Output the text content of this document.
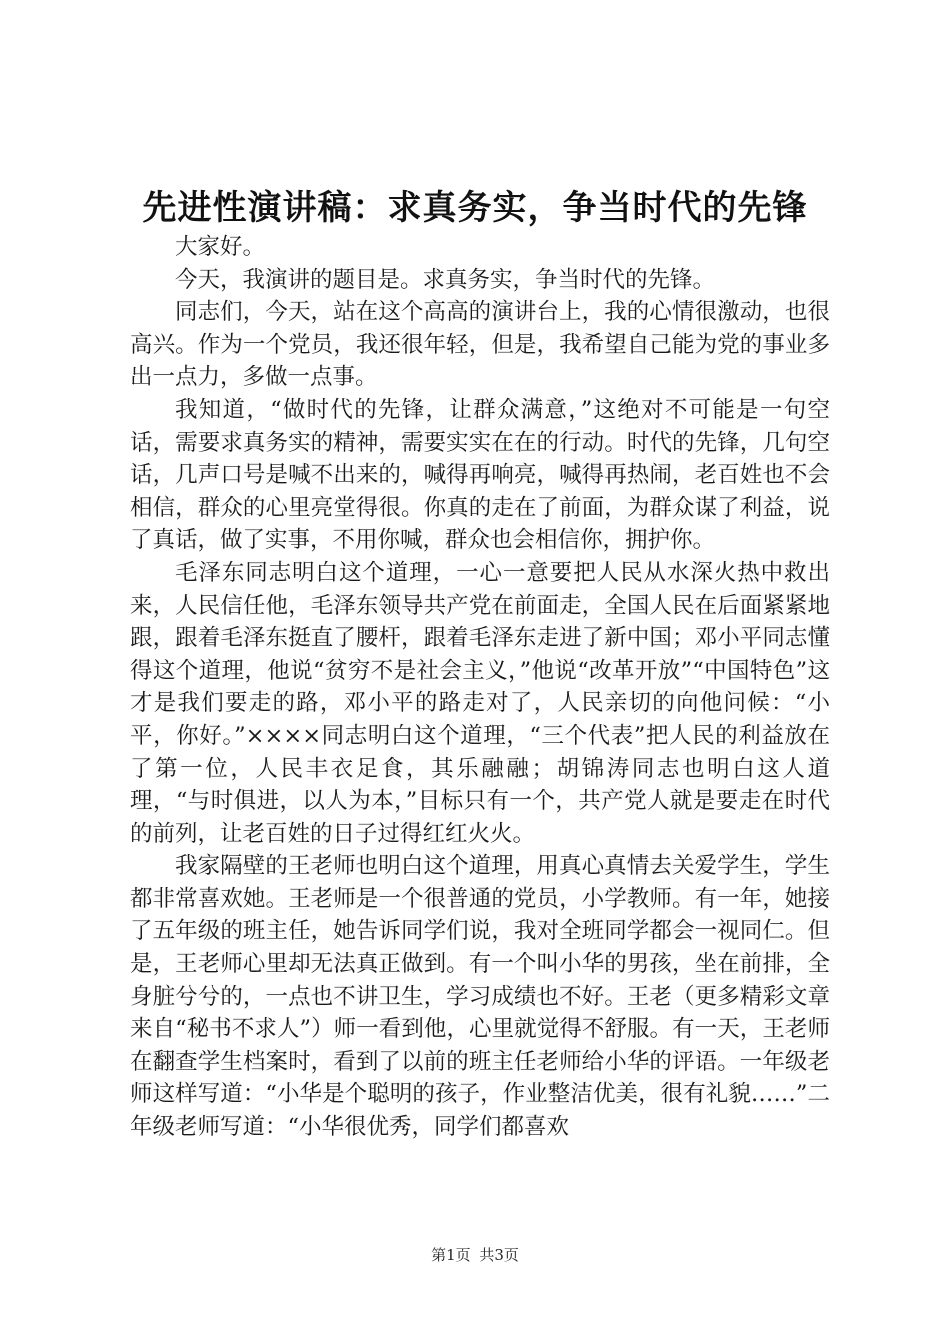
先进性演讲稿：求真务实，争当时代的先锋

大家好。

今天，我演讲的题目是。求真务实，争当时代的先锋。

同志们，今天，站在这个高高的演讲台上，我的心情很激动，也很高兴。作为一个党员，我还很年轻，但是，我希望自己能为党的事业多出一点力，多做一点事。

我知道，“做时代的先锋，让群众满意，”这绝对不可能是一句空话，需要求真务实的精神，需要实实在在的行动。时代的先锋，几句空话，几声口号是喊不出来的，喊得再响亮，喊得再热闹，老百姓也不会相信，群众的心里亮堂得很。你真的走在了前面，为群众谋了利益，说了真话，做了实事，不用你喊，群众也会相信你，拥护你。

毛泽东同志明白这个道理，一心一意要把人民从水深火热中救出来，人民信任他，毛泽东领导共产党在前面走，全国人民在后面紧紧地跟，跟着毛泽东挺直了腰杆，跟着毛泽东走进了新中国；邓小平同志懂得这个道理，他说“贫穷不是社会主义，”他说“改革开放”“中国特色”这才是我们要走的路，邓小平的路走对了，人民亲切的向他问候：“小平，你好。”××××同志明白这个道理，“三个代表”把人民的利益放在了第一位，人民丰衣足食，其乐融融；胡锦涛同志也明白这人道理，“与时俱进，以人为本，”目标只有一个，共产党人就是要走在时代的前列，让老百姓的日子过得红红火火。

我家隔壁的王老师也明白这个道理，用真心真情去关爱学生，学生都非常喜欢她。王老师是一个很普通的党员，小学教师。有一年，她接了五年级的班主任，她告诉同学们说，我对全班同学都会一视同仁。但是，王老师心里却无法真正做到。有一个叫小华的男孩，坐在前排，全身脏兮兮的，一点也不讲卫生，学习成绩也不好。王老（更多精彩文章来自“秘书不求人”）师一看到他，心里就觉得不舒服。有一天，王老师在翻查学生档案时，看到了以前的班主任老师给小华的评语。一年级老师这样写道：“小华是个聪明的孩子，作业整洁优美，很有礼貌……”二年级老师写道：“小华很优秀，同学们都喜欢

第1页 共3页
